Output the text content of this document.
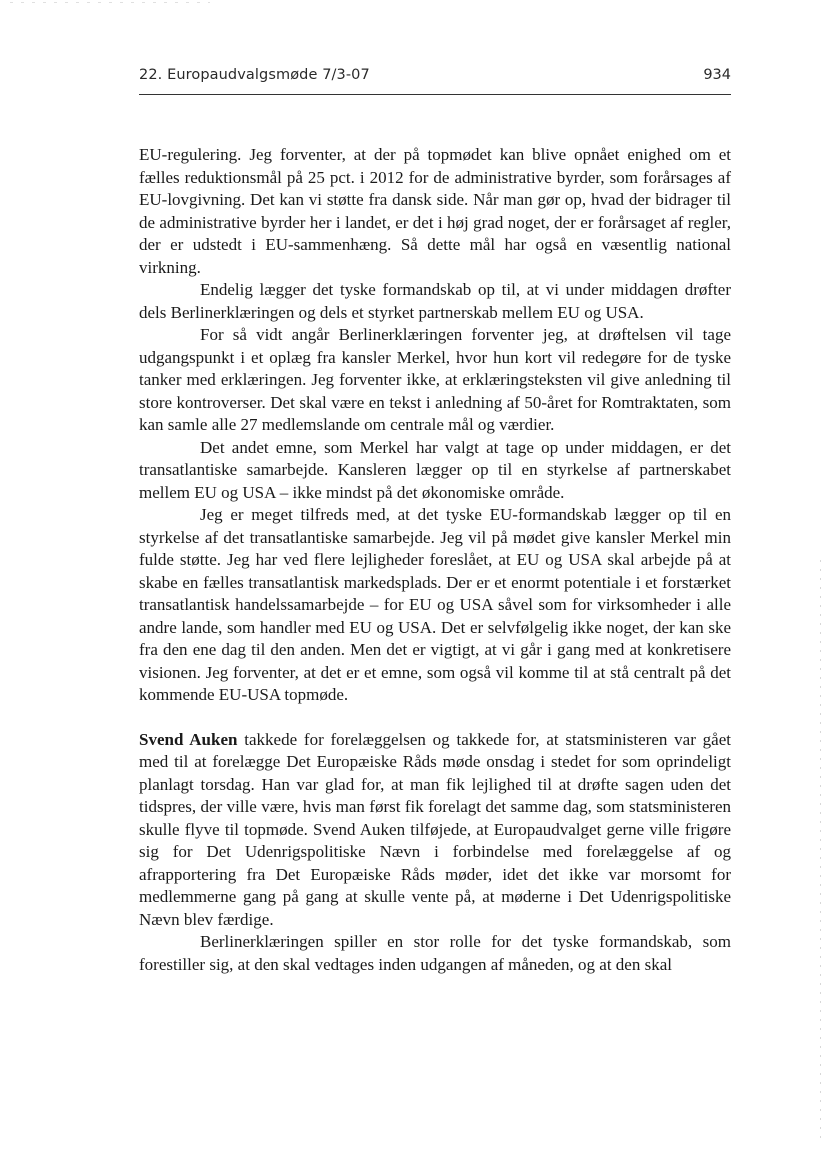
22. Europaudvalgsmøde 7/3-07	934

EU-regulering. Jeg forventer, at der på topmødet kan blive opnået enighed om et fælles reduktionsmål på 25 pct. i 2012 for de administrative byrder, som forårsages af EU-lovgivning. Det kan vi støtte fra dansk side. Når man gør op, hvad der bidrager til de administrative byrder her i landet, er det i høj grad noget, der er forårsaget af regler, der er udstedt i EU-sammenhæng. Så dette mål har også en væsentlig national virkning.

Endelig lægger det tyske formandskab op til, at vi under middagen drøfter dels Berlinerklæringen og dels et styrket partnerskab mellem EU og USA.

For så vidt angår Berlinerklæringen forventer jeg, at drøftelsen vil tage udgangspunkt i et oplæg fra kansler Merkel, hvor hun kort vil redegøre for de tyske tanker med erklæringen. Jeg forventer ikke, at erklæringsteksten vil give anledning til store kontroverser. Det skal være en tekst i anledning af 50-året for Romtraktaten, som kan samle alle 27 medlemslande om centrale mål og værdier.

Det andet emne, som Merkel har valgt at tage op under middagen, er det transatlantiske samarbejde. Kansleren lægger op til en styrkelse af partnerskabet mellem EU og USA – ikke mindst på det økonomiske område.

Jeg er meget tilfreds med, at det tyske EU-formandskab lægger op til en styrkelse af det transatlantiske samarbejde. Jeg vil på mødet give kansler Merkel min fulde støtte. Jeg har ved flere lejligheder foreslået, at EU og USA skal arbejde på at skabe en fælles transatlantisk markedsplads. Der er et enormt potentiale i et forstærket transatlantisk handelssamarbejde – for EU og USA såvel som for virksomheder i alle andre lande, som handler med EU og USA. Det er selvfølgelig ikke noget, der kan ske fra den ene dag til den anden. Men det er vigtigt, at vi går i gang med at konkretisere visionen. Jeg forventer, at det er et emne, som også vil komme til at stå centralt på det kommende EU-USA topmøde.

Svend Auken takkede for forelæggelsen og takkede for, at statsministeren var gået med til at forelægge Det Europæiske Råds møde onsdag i stedet for som oprindeligt planlagt torsdag. Han var glad for, at man fik lejlighed til at drøfte sagen uden det tidspres, der ville være, hvis man først fik forelagt det samme dag, som statsministeren skulle flyve til topmøde. Svend Auken tilføjede, at Europaudvalget gerne ville frigøre sig for Det Udenrigspolitiske Nævn i forbindelse med forelæggelse af og afrapportering fra Det Europæiske Råds møder, idet det ikke var morsomt for medlemmerne gang på gang at skulle vente på, at møderne i Det Udenrigspolitiske Nævn blev færdige.

Berlinerklæringen spiller en stor rolle for det tyske formandskab, som forestiller sig, at den skal vedtages inden udgangen af måneden, og at den skal
